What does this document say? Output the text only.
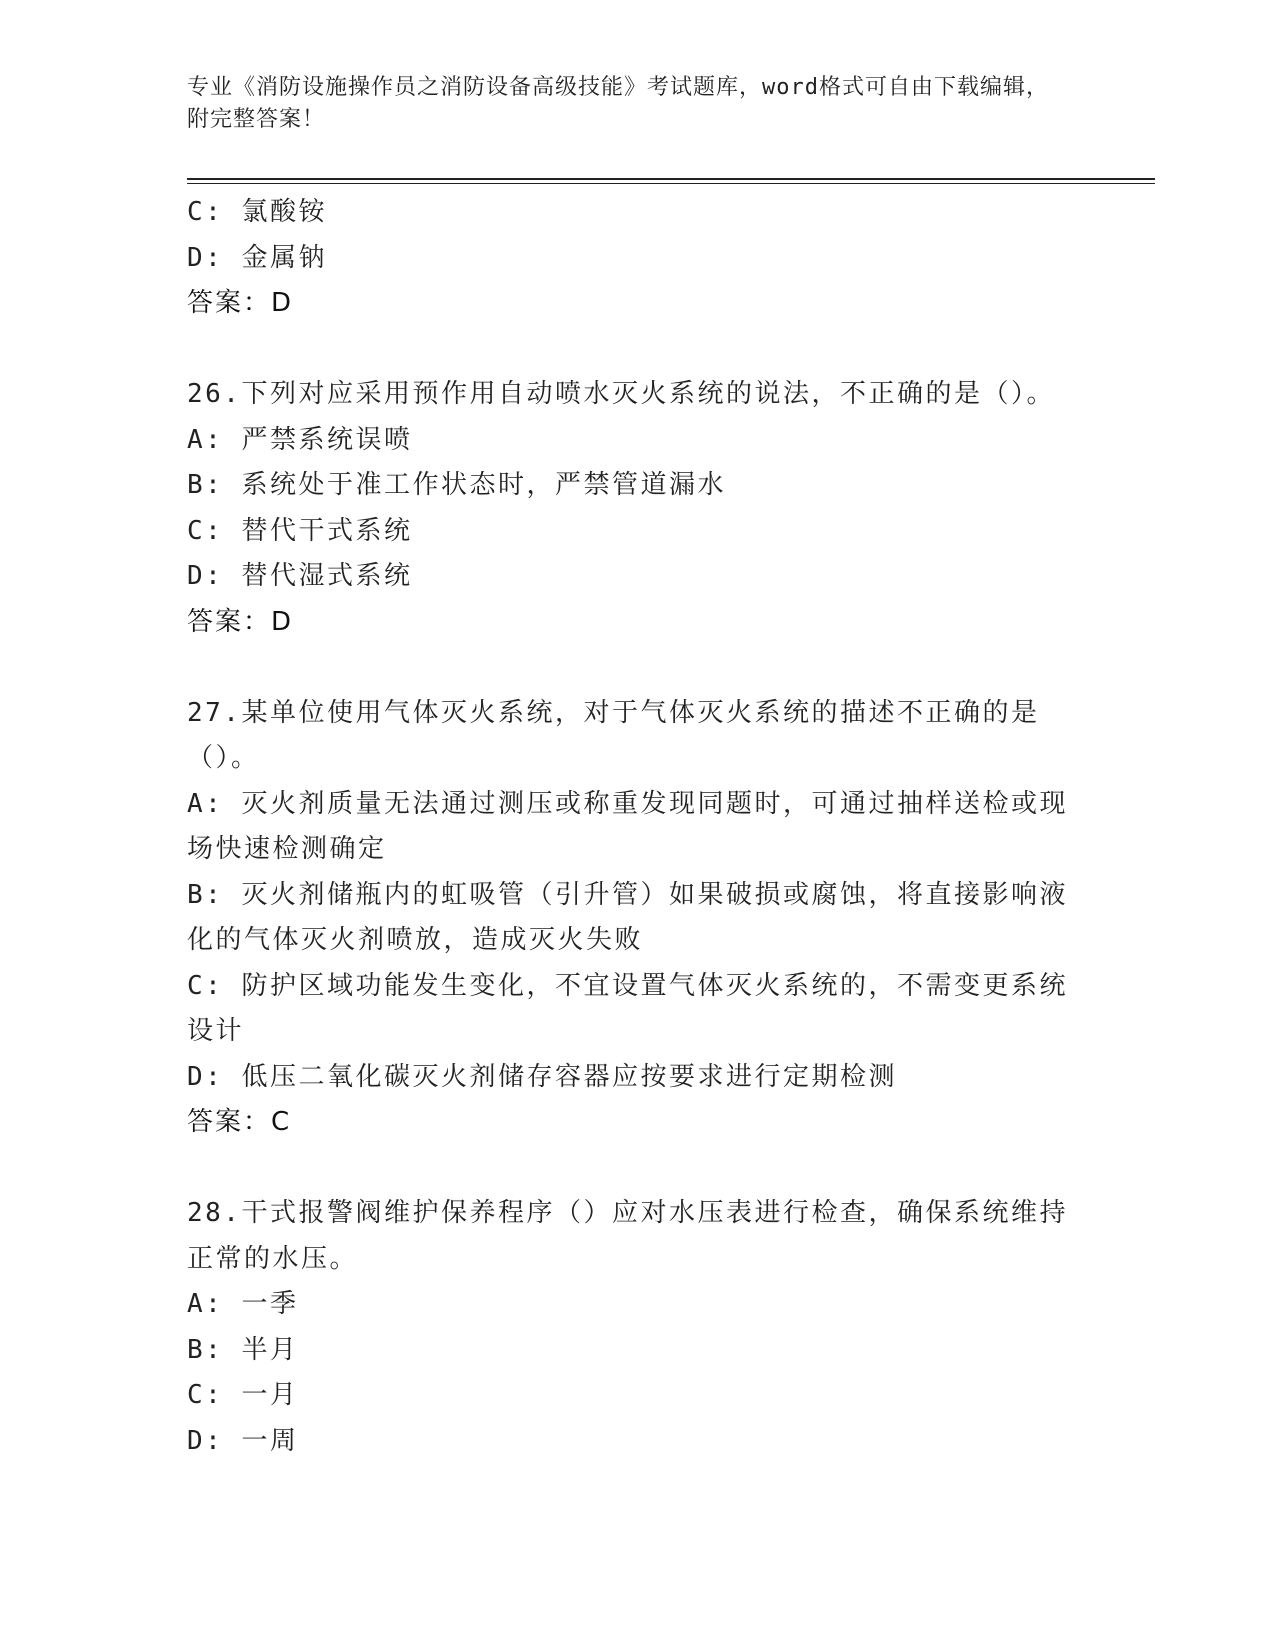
专业《消防设施操作员之消防设备高级技能》考试题库，word格式可自由下载编辑，附完整答案！
C: 氯酸铵
D: 金属钠
答案：D
26.下列对应采用预作用自动喷水灭火系统的说法，不正确的是（）。
A: 严禁系统误喷
B: 系统处于准工作状态时，严禁管道漏水
C: 替代干式系统
D: 替代湿式系统
答案：D
27.某单位使用气体灭火系统，对于气体灭火系统的描述不正确的是（）。
A: 灭火剂质量无法通过测压或称重发现同题时，可通过抽样送检或现场快速检测确定
B: 灭火剂储瓶内的虹吸管（引升管）如果破损或腐蚀，将直接影响液化的气体灭火剂喷放，造成灭火失败
C: 防护区域功能发生变化，不宜设置气体灭火系统的，不需变更系统设计
D: 低压二氧化碳灭火剂储存容器应按要求进行定期检测
答案：C
28.干式报警阀维护保养程序（）应对水压表进行检查，确保系统维持正常的水压。
A: 一季
B: 半月
C: 一月
D: 一周
